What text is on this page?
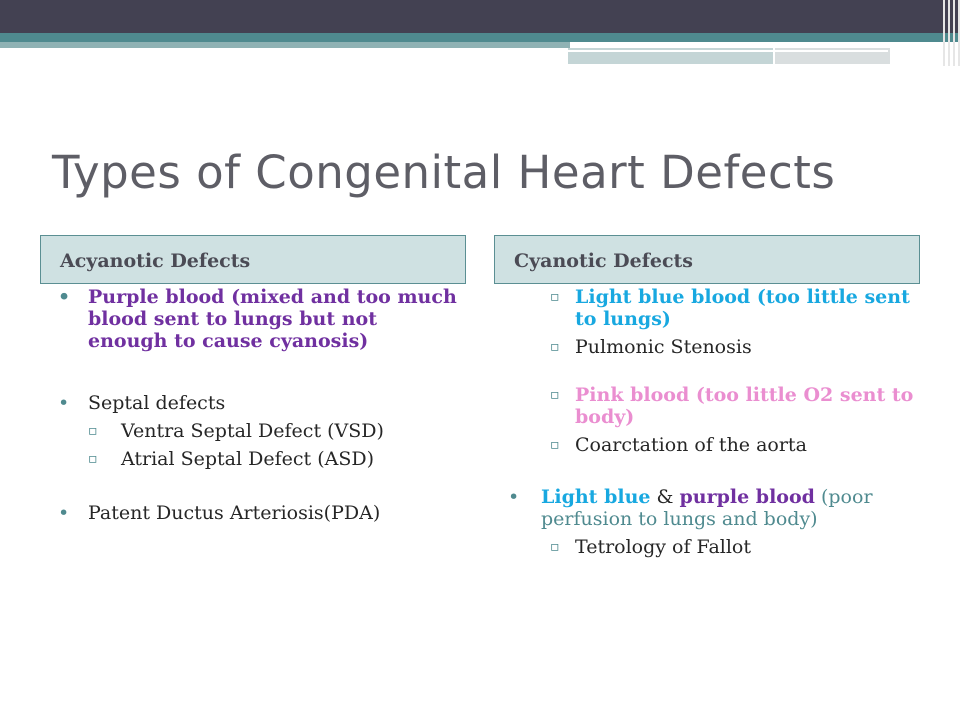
Types of Congenital Heart Defects
Acyanotic Defects	Cyanotic Defects
• Purple blood (mixed and too much blood sent to lungs but not enough to cause cyanosis)
• Septal defects
▫ Ventra Septal Defect (VSD)
▫ Atrial Septal Defect (ASD)
• Patent Ductus Arteriosis(PDA)
▫ Light blue blood (too little sent to lungs)
▫ Pulmonic Stenosis
▫ Pink blood (too little O2 sent to body)
▫ Coarctation of the aorta
• Light blue & purple blood (poor perfusion to lungs and body)
▫ Tetrology of Fallot
